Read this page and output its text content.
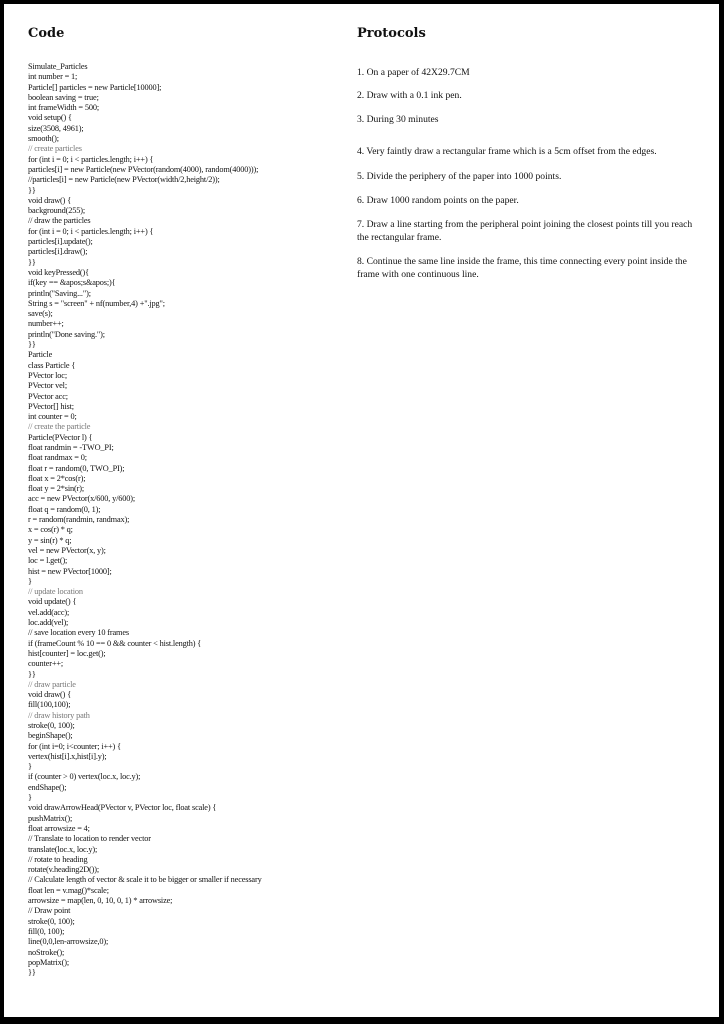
Code
Simulate_Particles
int number = 1;
Particle[] particles = new Particle[10000];
boolean saving = true;
int frameWidth = 500;
void setup() {
size(3508, 4961);
smooth();
// create particles
for (int i = 0; i < particles.length; i++) {
particles[i] = new Particle(new PVector(random(4000), random(4000)));
//particles[i] = new Particle(new PVector(width/2,height/2));
}}
void draw() {
background(255);
// draw the particles
for (int i = 0; i < particles.length; i++) {
particles[i].update();
particles[i].draw();
}}
void keyPressed(){
if(key == &apos;s&apos;){
println("Saving...");
String s = "screen" + nf(number,4) +".jpg";
save(s);
number++;
println("Done saving.");
}}
Particle
class Particle {
PVector loc;
PVector vel;
PVector acc;
PVector[] hist;
int counter = 0;
// create the particle
Particle(PVector l) {
float randmin = -TWO_PI;
float randmax = 0;
float r = random(0, TWO_PI);
float x = 2*cos(r);
float y = 2*sin(r);
acc = new PVector(x/600, y/600);
float q = random(0, 1);
r = random(randmin, randmax);
x = cos(r) * q;
y = sin(r) * q;
vel = new PVector(x, y);
loc = l.get();
hist = new PVector[1000];
}
// update location
void update() {
vel.add(acc);
loc.add(vel);
// save location every 10 frames
if (frameCount % 10 == 0 && counter < hist.length) {
hist[counter] = loc.get();
counter++;
}}
// draw particle
void draw() {
fill(100,100);
// draw history path
stroke(0, 100);
beginShape();
for (int i=0; i<counter; i++) {
vertex(hist[i].x,hist[i].y);
}
if (counter > 0) vertex(loc.x, loc.y);
endShape();
}
void drawArrowHead(PVector v, PVector loc, float scale) {
pushMatrix();
float arrowsize = 4;
// Translate to location to render vector
translate(loc.x, loc.y);
// rotate to heading
rotate(v.heading2D());
// Calculate length of vector & scale it to be bigger or smaller if necessary
float len = v.mag()*scale;
arrowsize = map(len, 0, 10, 0, 1) * arrowsize;
// Draw point
stroke(0, 100);
fill(0, 100);
line(0,0,len-arrowsize,0);
noStroke();
popMatrix();
}}
Protocols
1. On a paper of 42X29.7CM
2. Draw with a 0.1 ink pen.
3. During 30 minutes
4. Very faintly draw a rectangular frame which is a 5cm offset from the edges.
5. Divide the periphery of the paper into 1000 points.
6. Draw 1000 random points on the paper.
7. Draw a line starting from the peripheral point joining the closest points till you reach the rectangular frame.
8. Continue the same line inside the frame, this time connecting every point inside the frame with one continuous line.
